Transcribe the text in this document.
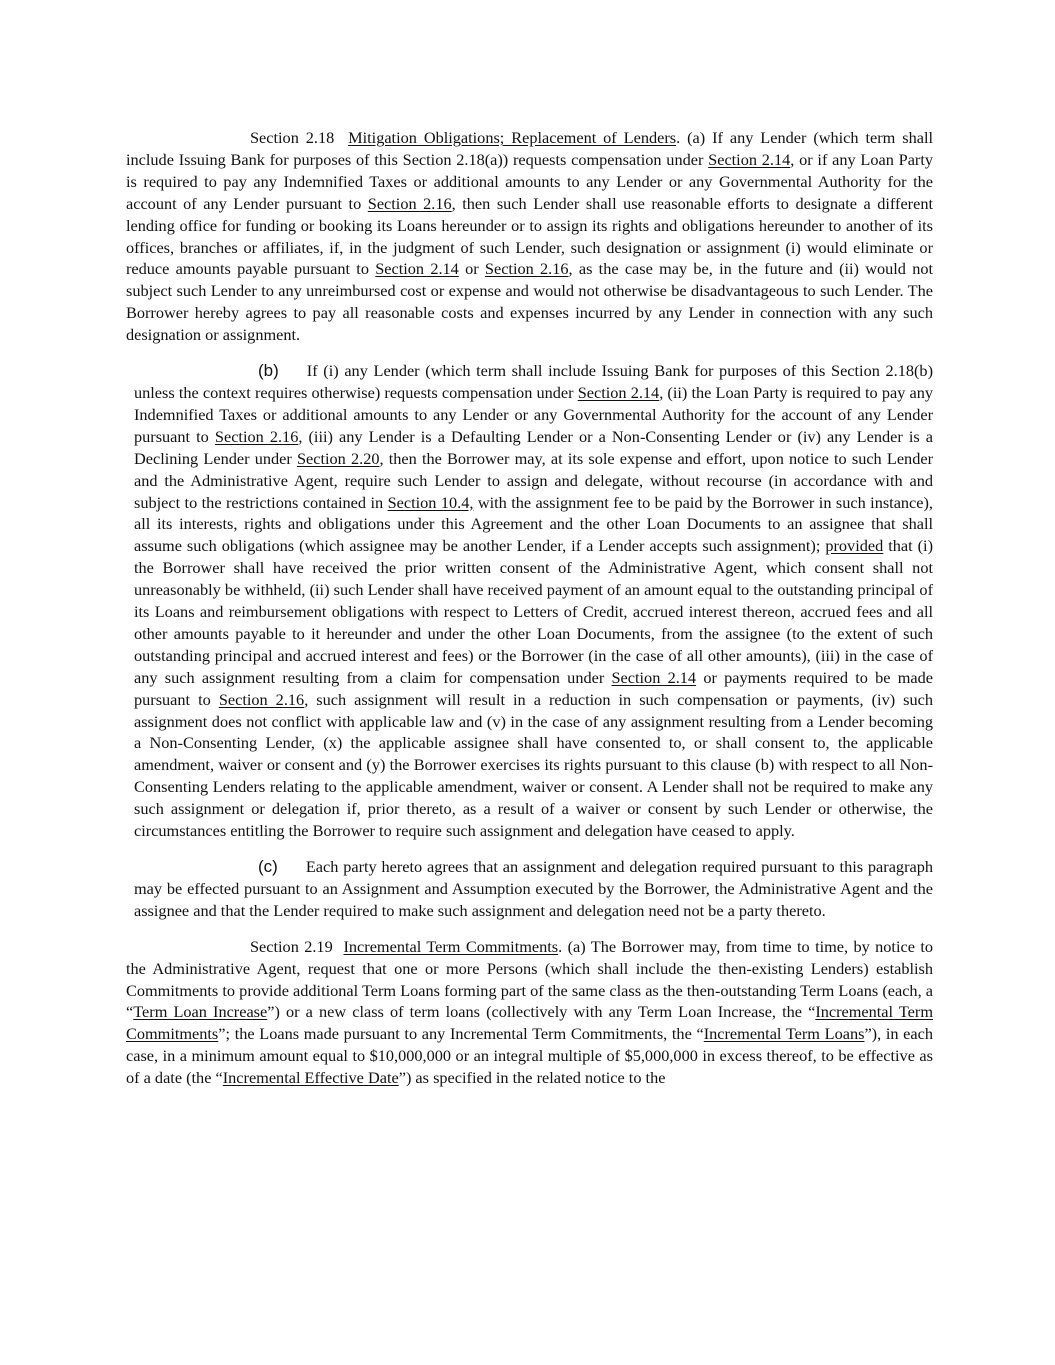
Section 2.18 Mitigation Obligations; Replacement of Lenders. (a) If any Lender (which term shall include Issuing Bank for purposes of this Section 2.18(a)) requests compensation under Section 2.14, or if any Loan Party is required to pay any Indemnified Taxes or additional amounts to any Lender or any Governmental Authority for the account of any Lender pursuant to Section 2.16, then such Lender shall use reasonable efforts to designate a different lending office for funding or booking its Loans hereunder or to assign its rights and obligations hereunder to another of its offices, branches or affiliates, if, in the judgment of such Lender, such designation or assignment (i) would eliminate or reduce amounts payable pursuant to Section 2.14 or Section 2.16, as the case may be, in the future and (ii) would not subject such Lender to any unreimbursed cost or expense and would not otherwise be disadvantageous to such Lender. The Borrower hereby agrees to pay all reasonable costs and expenses incurred by any Lender in connection with any such designation or assignment.

(b) If (i) any Lender (which term shall include Issuing Bank for purposes of this Section 2.18(b) unless the context requires otherwise) requests compensation under Section 2.14, (ii) the Loan Party is required to pay any Indemnified Taxes or additional amounts to any Lender or any Governmental Authority for the account of any Lender pursuant to Section 2.16, (iii) any Lender is a Defaulting Lender or a Non-Consenting Lender or (iv) any Lender is a Declining Lender under Section 2.20, then the Borrower may, at its sole expense and effort, upon notice to such Lender and the Administrative Agent, require such Lender to assign and delegate, without recourse (in accordance with and subject to the restrictions contained in Section 10.4, with the assignment fee to be paid by the Borrower in such instance), all its interests, rights and obligations under this Agreement and the other Loan Documents to an assignee that shall assume such obligations (which assignee may be another Lender, if a Lender accepts such assignment); provided that (i) the Borrower shall have received the prior written consent of the Administrative Agent, which consent shall not unreasonably be withheld, (ii) such Lender shall have received payment of an amount equal to the outstanding principal of its Loans and reimbursement obligations with respect to Letters of Credit, accrued interest thereon, accrued fees and all other amounts payable to it hereunder and under the other Loan Documents, from the assignee (to the extent of such outstanding principal and accrued interest and fees) or the Borrower (in the case of all other amounts), (iii) in the case of any such assignment resulting from a claim for compensation under Section 2.14 or payments required to be made pursuant to Section 2.16, such assignment will result in a reduction in such compensation or payments, (iv) such assignment does not conflict with applicable law and (v) in the case of any assignment resulting from a Lender becoming a Non-Consenting Lender, (x) the applicable assignee shall have consented to, or shall consent to, the applicable amendment, waiver or consent and (y) the Borrower exercises its rights pursuant to this clause (b) with respect to all Non-Consenting Lenders relating to the applicable amendment, waiver or consent. A Lender shall not be required to make any such assignment or delegation if, prior thereto, as a result of a waiver or consent by such Lender or otherwise, the circumstances entitling the Borrower to require such assignment and delegation have ceased to apply.

(c) Each party hereto agrees that an assignment and delegation required pursuant to this paragraph may be effected pursuant to an Assignment and Assumption executed by the Borrower, the Administrative Agent and the assignee and that the Lender required to make such assignment and delegation need not be a party thereto.

Section 2.19 Incremental Term Commitments. (a) The Borrower may, from time to time, by notice to the Administrative Agent, request that one or more Persons (which shall include the then-existing Lenders) establish Commitments to provide additional Term Loans forming part of the same class as the then-outstanding Term Loans (each, a “Term Loan Increase”) or a new class of term loans (collectively with any Term Loan Increase, the “Incremental Term Commitments”; the Loans made pursuant to any Incremental Term Commitments, the “Incremental Term Loans”), in each case, in a minimum amount equal to $10,000,000 or an integral multiple of $5,000,000 in excess thereof, to be effective as of a date (the “Incremental Effective Date”) as specified in the related notice to the
